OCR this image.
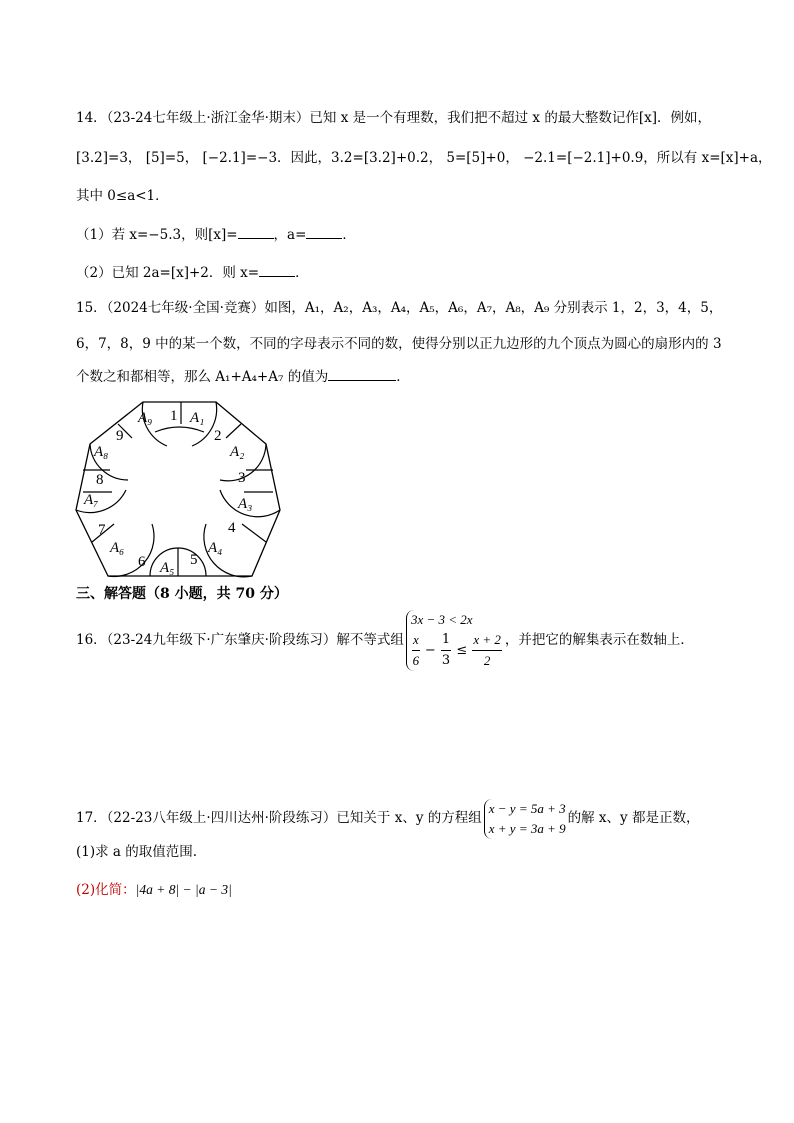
14．（23-24七年级上·浙江金华·期末）已知 x 是一个有理数，我们把不超过 x 的最大整数记作[x]．例如，
[3.2]=3， [5]=5， [−2.1]=−3．因此，3.2=[3.2]+0.2， 5=[5]+0， −2.1=[−2.1]+0.9，所以有 x=[x]+a，
其中 0≤a<1．
（1）若 x=−5.3，则[x]=	，a=	．
（2）已知 2a=[x]+2．则 x=	．
15．（2024七年级·全国·竞赛）如图，A₁，A₂，A₃，A₄，A₅，A₆，A₇，A₈，A₉ 分别表示 1，2，3，4，5，
6，7，8，9 中的某一个数，不同的字母表示不同的数，使得分别以正九边形的九个顶点为圆心的扇形内的 3
个数之和都相等，那么 A₁+A₄+A₇ 的值为	．
1 A₁
A₉
9	2
A₈	A₂
8	3
A₇	A₃
7	4
A₆	A₄
6	5
A₅
三、解答题（8 小题，共 70 分）
16．（23-24九年级下·广东肇庆·阶段练习）解不等式组
3x − 3 < 2x
$\frac{x}{6} - \frac{1}{3} \le \frac{x + 2}{2}$ ，并把它的解集表示在数轴上．
17．（22-23八年级上·四川达州·阶段练习）已知关于 x、y 的方程组
x − y = 5a + 3
x + y = 3a + 9
的解 x、y 都是正数，
(1)求 a 的取值范围.
(2)化简：|4a + 8| − |a − 3|
